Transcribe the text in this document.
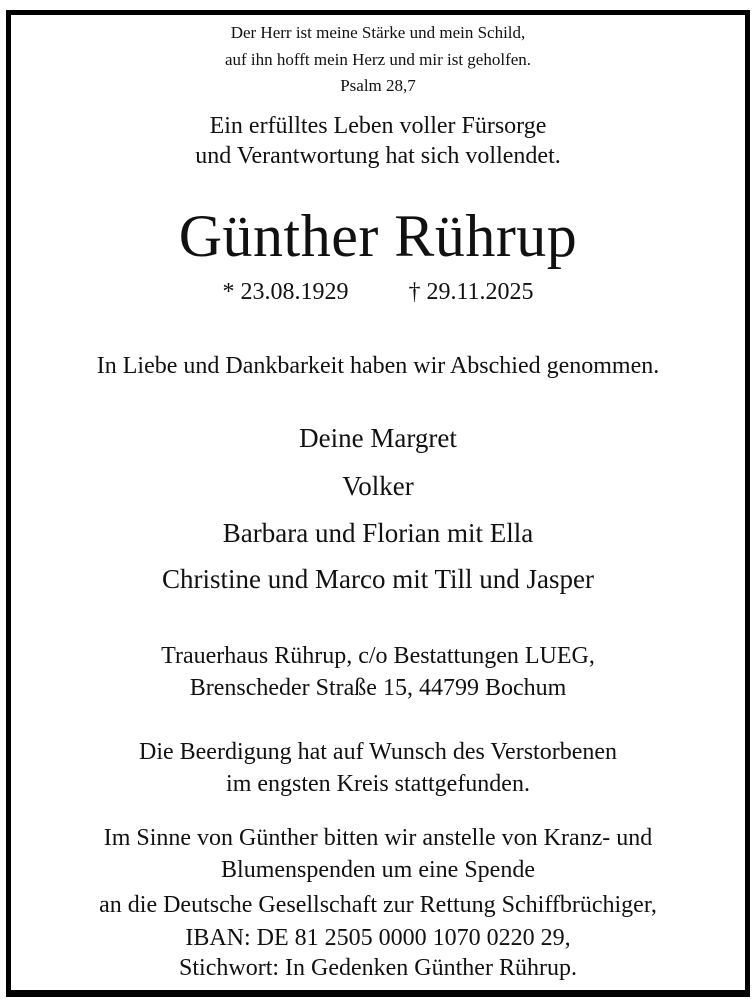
Der Herr ist meine Stärke und mein Schild,
auf ihn hofft mein Herz und mir ist geholfen.
Psalm 28,7
Ein erfülltes Leben voller Fürsorge
und Verantwortung hat sich vollendet.
Günther Rührup
* 23.08.1929	† 29.11.2025
In Liebe und Dankbarkeit haben wir Abschied genommen.
Deine Margret
Volker
Barbara und Florian mit Ella
Christine und Marco mit Till und Jasper
Trauerhaus Rührup, c/o Bestattungen LUEG,
Brenscheder Straße 15, 44799 Bochum
Die Beerdigung hat auf Wunsch des Verstorbenen
im engsten Kreis stattgefunden.
Im Sinne von Günther bitten wir anstelle von Kranz- und
Blumenspenden um eine Spende
an die Deutsche Gesellschaft zur Rettung Schiffbrüchiger,
IBAN: DE 81 2505 0000 1070 0220 29,
Stichwort: In Gedenken Günther Rührup.
